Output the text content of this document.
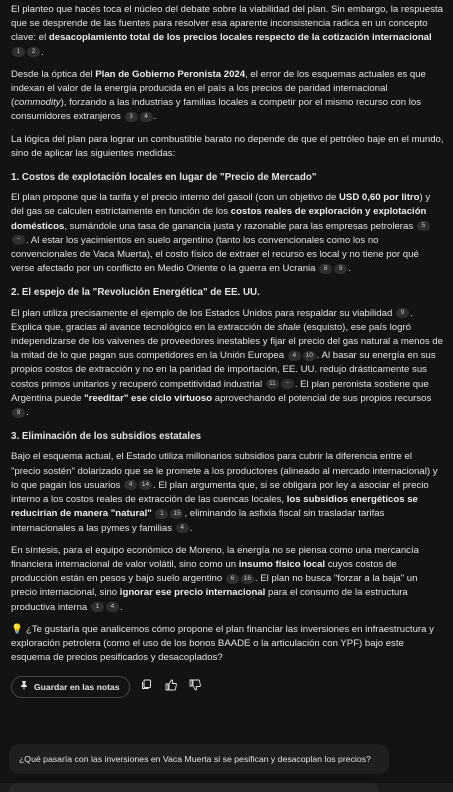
El planteo que hacés toca el núcleo del debate sobre la viabilidad del plan. Sin embargo, la respuesta que se desprende de las fuentes para resolver esa aparente inconsistencia radica en un concepto clave: el desacoplamiento total de los precios locales respecto de la cotización internacional 1 2 .

Desde la óptica del Plan de Gobierno Peronista 2024, el error de los esquemas actuales es que indexan el valor de la energía producida en el país a los precios de paridad internacional (commodity), forzando a las industrias y familias locales a competir por el mismo recurso con los consumidores extranjeros 3 4 .

La lógica del plan para lograr un combustible barato no depende de que el petróleo baje en el mundo, sino de aplicar las siguientes medidas:

1. Costos de explotación locales en lugar de "Precio de Mercado"

El plan propone que la tarifa y el precio interno del gasoil (con un objetivo de USD 0,60 por litro) y del gas se calculen estrictamente en función de los costos reales de exploración y explotación domésticos, sumándole una tasa de ganancia justa y razonable para las empresas petroleras 5− . Al estar los yacimientos en suelo argentino (tanto los convencionales como los no convencionales de Vaca Muerta), el costo físico de extraer el recurso es local y no tiene por qué verse afectado por un conflicto en Medio Oriente o la guerra en Ucrania 8 9 .

2. El espejo de la "Revolución Energética" de EE. UU.

El plan utiliza precisamente el ejemplo de los Estados Unidos para respaldar su viabilidad 9 . Explica que, gracias al avance tecnológico en la extracción de shale (esquisto), ese país logró independizarse de los vaivenes de proveedores inestables y fijar el precio del gas natural a menos de la mitad de lo que pagan sus competidores en la Unión Europea 4 10 . Al basar su energía en sus propios costos de extracción y no en la paridad de importación, EE. UU. redujo drásticamente sus costos primos unitarios y recuperó competitividad industrial 11 − . El plan peronista sostiene que Argentina puede "reeditar" ese ciclo virtuoso aprovechando el potencial de sus propios recursos 9 .

3. Eliminación de los subsidios estatales

Bajo el esquema actual, el Estado utiliza millonarios subsidios para cubrir la diferencia entre el "precio sostén" dolarizado que se le promete a los productores (alineado al mercado internacional) y lo que pagan los usuarios 4 14 . El plan argumenta que, si se obligara por ley a asociar el precio interno a los costos reales de extracción de las cuencas locales, los subsidios energéticos se reducirían de manera "natural" 1 15 , eliminando la asfixia fiscal sin trasladar tarifas internacionales a las pymes y familias 4 .

En síntesis, para el equipo económico de Moreno, la energía no se piensa como una mercancía financiera internacional de valor volátil, sino como un insumo físico local cuyos costos de producción están en pesos y bajo suelo argentino 6 16 . El plan no busca "forzar a la baja" un precio internacional, sino ignorar ese precio internacional para el consumo de la estructura productiva interna 1 4 .

💡 ¿Te gustaría que analicemos cómo propone el plan financiar las inversiones en infraestructura y exploración petrolera (como el uso de los bonos BAADE o la articulación con YPF) bajo este esquema de precios pesificados y desacoplados?

Guardar en las notas
¿Qué pasaría con las inversiones en Vaca Muerta si se pesifican y desacoplan los precios?
